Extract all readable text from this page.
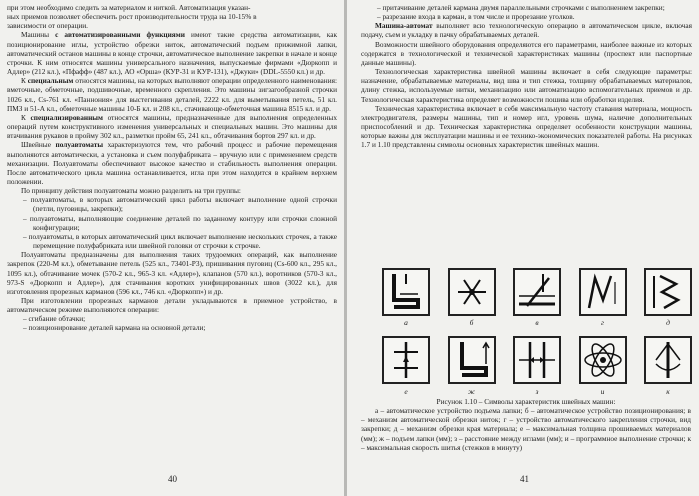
при этом необходимо следить за материалом и ниткой. Автоматизация указан-

ных приемов позволяет обеспечить рост производительности труда на 10-15% в

зависимости от операции.

Машины с автоматизированными функциями имеют такие средства автоматизации, как позиционирование иглы, устройство обрезки ниток, автоматический подъем прижимной лапки, автоматический останов машины в конце строчки, автоматическое выполнение закрепки в начале и конце строчки. К ним относятся машины универсального назначения, выпускаемые фирмами «Дюркопп и Адлер» (212 кл.), «Пфафф» (487 кл.), АО «Орша» (КУР-31 и КУР-131), «Джуки» (DDL-5550 кл.) и др.

К специальным относятся машины, на которых выполняют операции определенного наименования: вметочные, обметочные, подшивочные, временного скрепления. Это машины зигзагообразной строчки 1026 кл., Cs-761 кл. «Паннония» для выстегивания деталей, 2222 кл. для выметывания петель, 51 кл. ПМЗ и 51-А кл., обметочные машины 10-Б кл. и 208 кл., стачивающе-обметочная машина 8515 кл. и др.

К специализированным относятся машины, предназначенные для выполнения определенных операций путем конструктивного изменения универсальных и специальных машин. Это машины для втачивания рукавов в пройму 302 кл., разметки пройм 65, 241 кл., обтачивания бортов 297 кл. и др.

Швейные полуавтоматы характеризуются тем, что рабочий процесс и рабочие перемещения выполняются автоматически, а установка и съем полуфабриката – вручную или с применением средств механизации. Полуавтоматы обеспечивают высокое качество и стабильность выполнения операции. После автоматического цикла машина останавливается, игла при этом находится в крайнем верхнем положении.

По принципу действия полуавтоматы можно разделить на три группы:

– полуавтоматы, в которых автоматический цикл работы включает выполнение одной строчки (петли, пуговицы, закрепки);

– полуавтоматы, выполняющие соединение деталей по заданному контуру или строчки сложной конфигурации;

– полуавтоматы, в которых автоматический цикл включает выполнение нескольких строчек, а также перемещение полуфабриката или швейной головки от строчки к строчке.

Полуавтоматы предназначены для выполнения таких трудоемких операций, как выполнение закрепок (220-М кл.), обметывание петель (525 кл., 73401-Р3), пришивания пуговиц (Cs-600 кл., 295 кл., 1095 кл.), обтачивание мочек (570-2 кл., 965-3 кл. «Адлер»), клапанов (570 кл.), воротников (570-3 кл., 973-S «Дюркопп и Адлер»), для стачивания коротких унифицированных швов (3022 кл.), для изготовления прорезных карманов (596 кл., 746 кл. «Дюркопп») и др.

При изготовлении прорезных карманов детали укладываются в приемное устройство, в автоматическом режиме выполняются операции:

– сгибание обтачки;

– позиционирование деталей кармана на основной детали;

40

– притачивание деталей кармана двумя параллельными строчками с выполнением закрепки;

– разрезание входа в карман, в том числе и прорезание уголков.

Машина-автомат выполняет всю технологическую операцию в автоматическом цикле, включая подачу, съем и укладку в пачку обрабатываемых деталей.

Возможности швейного оборудования определяются его параметрами, наиболее важные из которых содержатся в технологической и технической характеристиках машины (проспект или паспортные данные машины).

Технологическая характеристика швейной машины включает в себя следующие параметры: назначение, обрабатываемые материалы, вид шва и тип стежка, толщину обрабатываемых материалов, длину стежка, используемые нитки, механизацию или автоматизацию вспомогательных приемов и др. Технологическая характеристика определяет возможности пошива или обработки изделия.

Техническая характеристика включает в себя максимальную частоту ставания материала, мощность электродвигателя, размеры машины, тип и номер игл, уровень шума, наличие дополнительных приспособлений и др. Техническая характеристика определяет особенности конструкции машины, которые важны для эксплуатации машины и ее технико-экономических показателей работы. На рисунках 1.7 и 1.10 представлены символы основных характеристик швейных машин.

41
а	б	в	г	д
е	ж	з	и	к

Рисунок 1.10 – Символы характеристик швейных машин:

а – автоматическое устройство подъема лапки; б – автоматическое устройство позиционирования; в – механизм автоматической обрезки ниток; г – устройство автоматического закрепления строчки, вид закрепки; д – механизм обрезки края материала; е – максимальная толщина прошиваемых материалов (мм); ж – подъем лапки (мм); з – расстояние между иглами (мм); и – программное выполнение строчки; к – максимальная скорость шитья (стежков в минуту)
